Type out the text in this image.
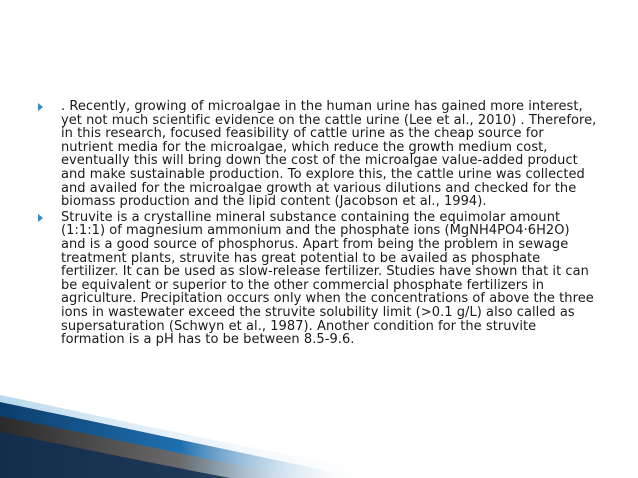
. Recently, growing of microalgae in the human urine has gained more interest, yet not much scientific evidence on the cattle urine (Lee et al., 2010) . Therefore, in this research, focused feasibility of cattle urine as the cheap source for nutrient media for the microalgae, which reduce the growth medium cost, eventually this will bring down the cost of the microalgae value-added product and make sustainable production. To explore this, the cattle urine was collected and availed for the microalgae growth at various dilutions and checked for the biomass production and the lipid content (Jacobson et al., 1994).
Struvite is a crystalline mineral substance containing the equimolar amount (1:1:1) of magnesium ammonium and the phosphate ions (MgNH4PO4·6H2O) and is a good source of phosphorus. Apart from being the problem in sewage treatment plants, struvite has great potential to be availed as phosphate fertilizer. It can be used as slow-release fertilizer. Studies have shown that it can be equivalent or superior to the other commercial phosphate fertilizers in agriculture. Precipitation occurs only when the concentrations of above the three ions in wastewater exceed the struvite solubility limit (>0.1 g/L) also called as supersaturation (Schwyn et al., 1987). Another condition for the struvite formation is a pH has to be between 8.5-9.6.
